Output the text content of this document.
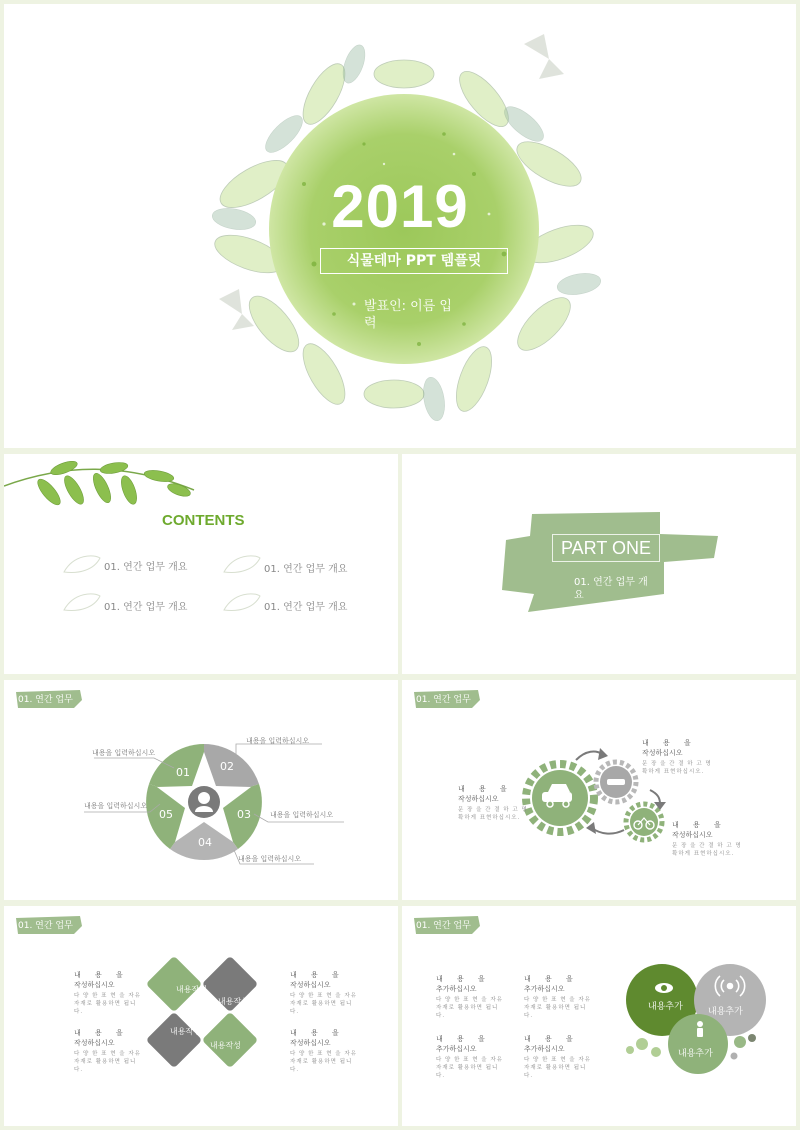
2019
식물테마 PPT 템플릿
발표인: 이름 입력
CONTENTS
01. 연간 업무 개요	01. 연간 업무 개요
01. 연간 업무 개요	01. 연간 업무 개요
PART ONE
01. 연간 업무 개요
01. 연간 업무
01	02
03
04
05
내용을 입력하십시오
내용을 입력하십시오
내용을 입력하십시오
내용을 입력하십시오
내용을 입력하십시오
01. 연간 업무
내 용 을
작성하십시오
문 장 을 간 결 하 고 명확하게 표현하십시오.
내 용 을
작성하십시오
문 장 을 간 결 하 고 명확하게 표현하십시오.
내 용 을
작성하십시오
문 장 을 간 결 하 고 명확하게 표현하십시오.
01. 연간 업무
내용작성
내용작성
내용작성
내용작성
내 용 을
작성하십시오
다 양 한 표 현 을 자유자재로 활용하면 됩니다.
내 용 을
작성하십시오
다 양 한 표 현 을 자유자재로 활용하면 됩니다.
내 용 을
작성하십시오
다 양 한 표 현 을 자유자재로 활용하면 됩니다.
내 용 을
작성하십시오
다 양 한 표 현 을 자유자재로 활용하면 됩니다.
01. 연간 업무
내용추가	내용추가
내용추가
내 용 을
추가하십시오
다 양 한 표 현 을 자유자재로 활용하면 됩니다.
내 용 을
추가하십시오
다 양 한 표 현 을 자유자재로 활용하면 됩니다.
내 용 을
추가하십시오
다 양 한 표 현 을 자유자재로 활용하면 됩니다.
내 용 을
추가하십시오
다 양 한 표 현 을 자유자재로 활용하면 됩니다.
